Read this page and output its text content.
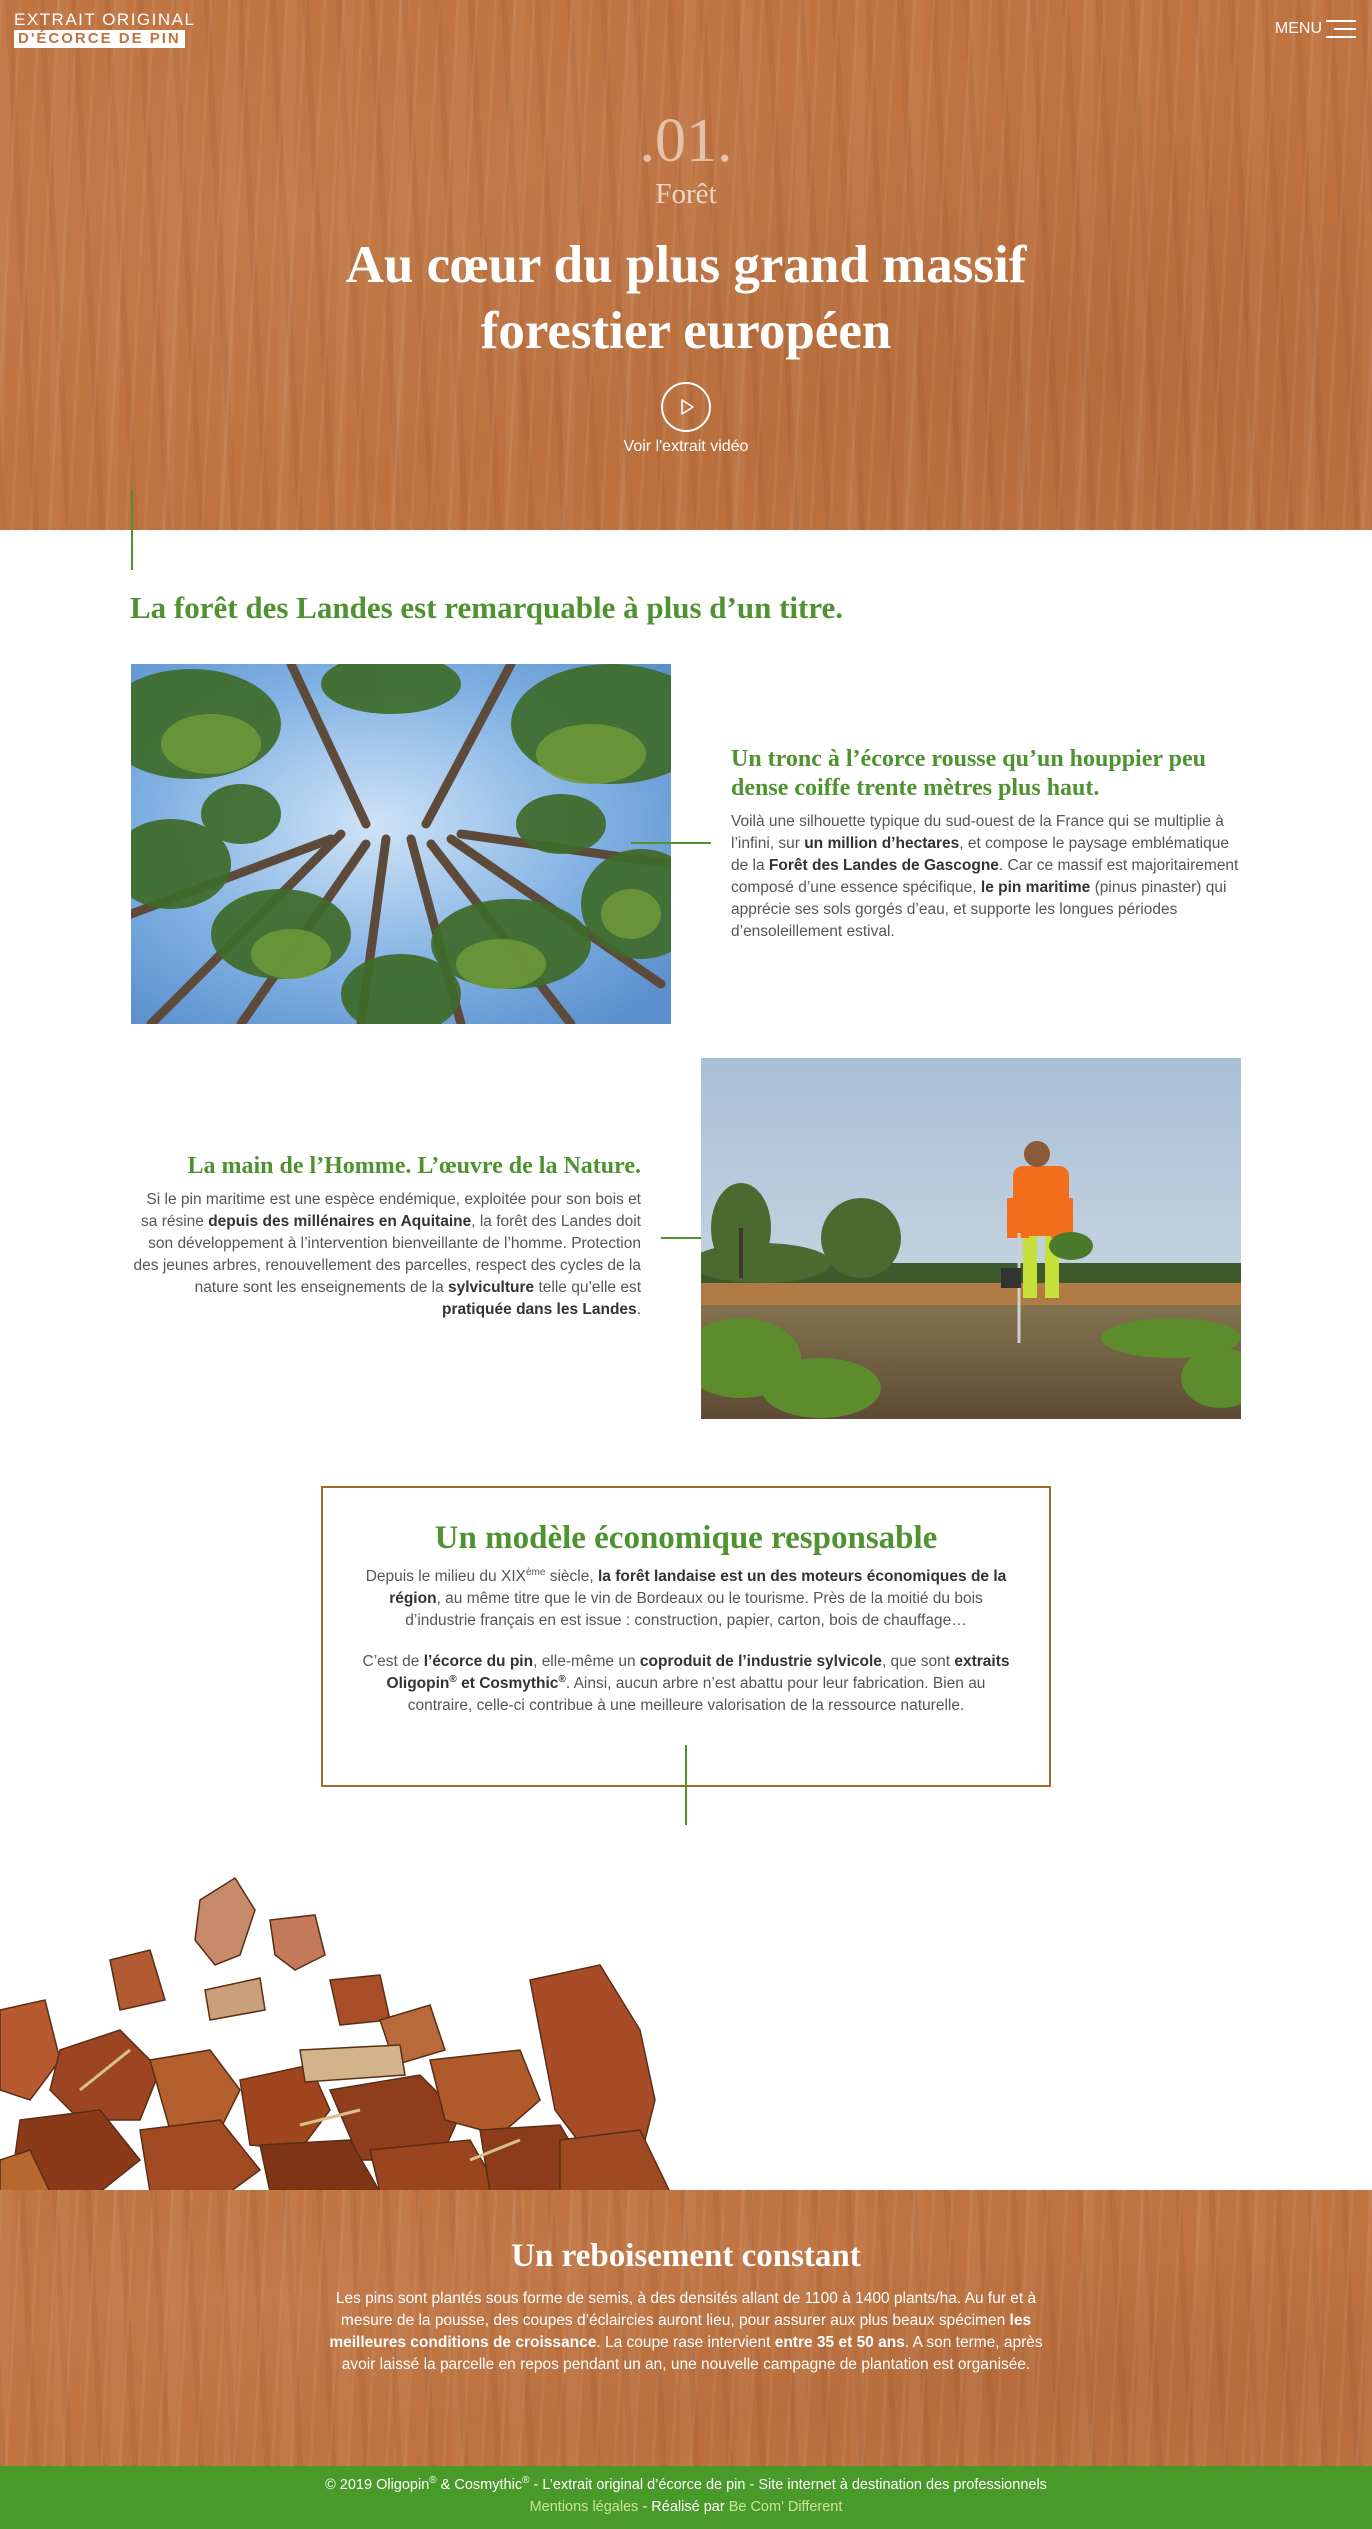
EXTRAIT ORIGINAL
D'ÉCORCE DE PIN
MENU
.01.
Forêt
Au cœur du plus grand massif forestier européen
Voir l'extrait vidéo
La forêt des Landes est remarquable à plus d’un titre.
Un tronc à l’écorce rousse qu’un houppier peu dense coiffe trente mètres plus haut.

Voilà une silhouette typique du sud-ouest de la France qui se multiplie à l’infini, sur un million d’hectares, et compose le paysage emblématique de la Forêt des Landes de Gascogne. Car ce massif est majoritairement composé d’une essence spécifique, le pin maritime (pinus pinaster) qui apprécie ses sols gorgés d’eau, et supporte les longues périodes d’ensoleillement estival.

La main de l’Homme. L’œuvre de la Nature.

Si le pin maritime est une espèce endémique, exploitée pour son bois et sa résine depuis des millénaires en Aquitaine, la forêt des Landes doit son développement à l’intervention bienveillante de l’homme. Protection des jeunes arbres, renouvellement des parcelles, respect des cycles de la nature sont les enseignements de la sylviculture telle qu’elle est pratiquée dans les Landes.

Un modèle économique responsable

Depuis le milieu du XIXème siècle, la forêt landaise est un des moteurs économiques de la région, au même titre que le vin de Bordeaux ou le tourisme. Près de la moitié du bois d’industrie français en est issue : construction, papier, carton, bois de chauffage…

C’est de l’écorce du pin, elle-même un coproduit de l’industrie sylvicole, que sont extraits Oligopin® et Cosmythic®. Ainsi, aucun arbre n’est abattu pour leur fabrication. Bien au contraire, celle-ci contribue à une meilleure valorisation de la ressource naturelle.

Un reboisement constant

Les pins sont plantés sous forme de semis, à des densités allant de 1100 à 1400 plants/ha. Au fur et à mesure de la pousse, des coupes d’éclaircies auront lieu, pour assurer aux plus beaux spécimen les meilleures conditions de croissance. La coupe rase intervient entre 35 et 50 ans. A son terme, après avoir laissé la parcelle en repos pendant un an, une nouvelle campagne de plantation est organisée.

© 2019 Oligopin® & Cosmythic® - L’extrait original d’écorce de pin - Site internet à destination des professionnels
Mentions légales - Réalisé par Be Com' Different
